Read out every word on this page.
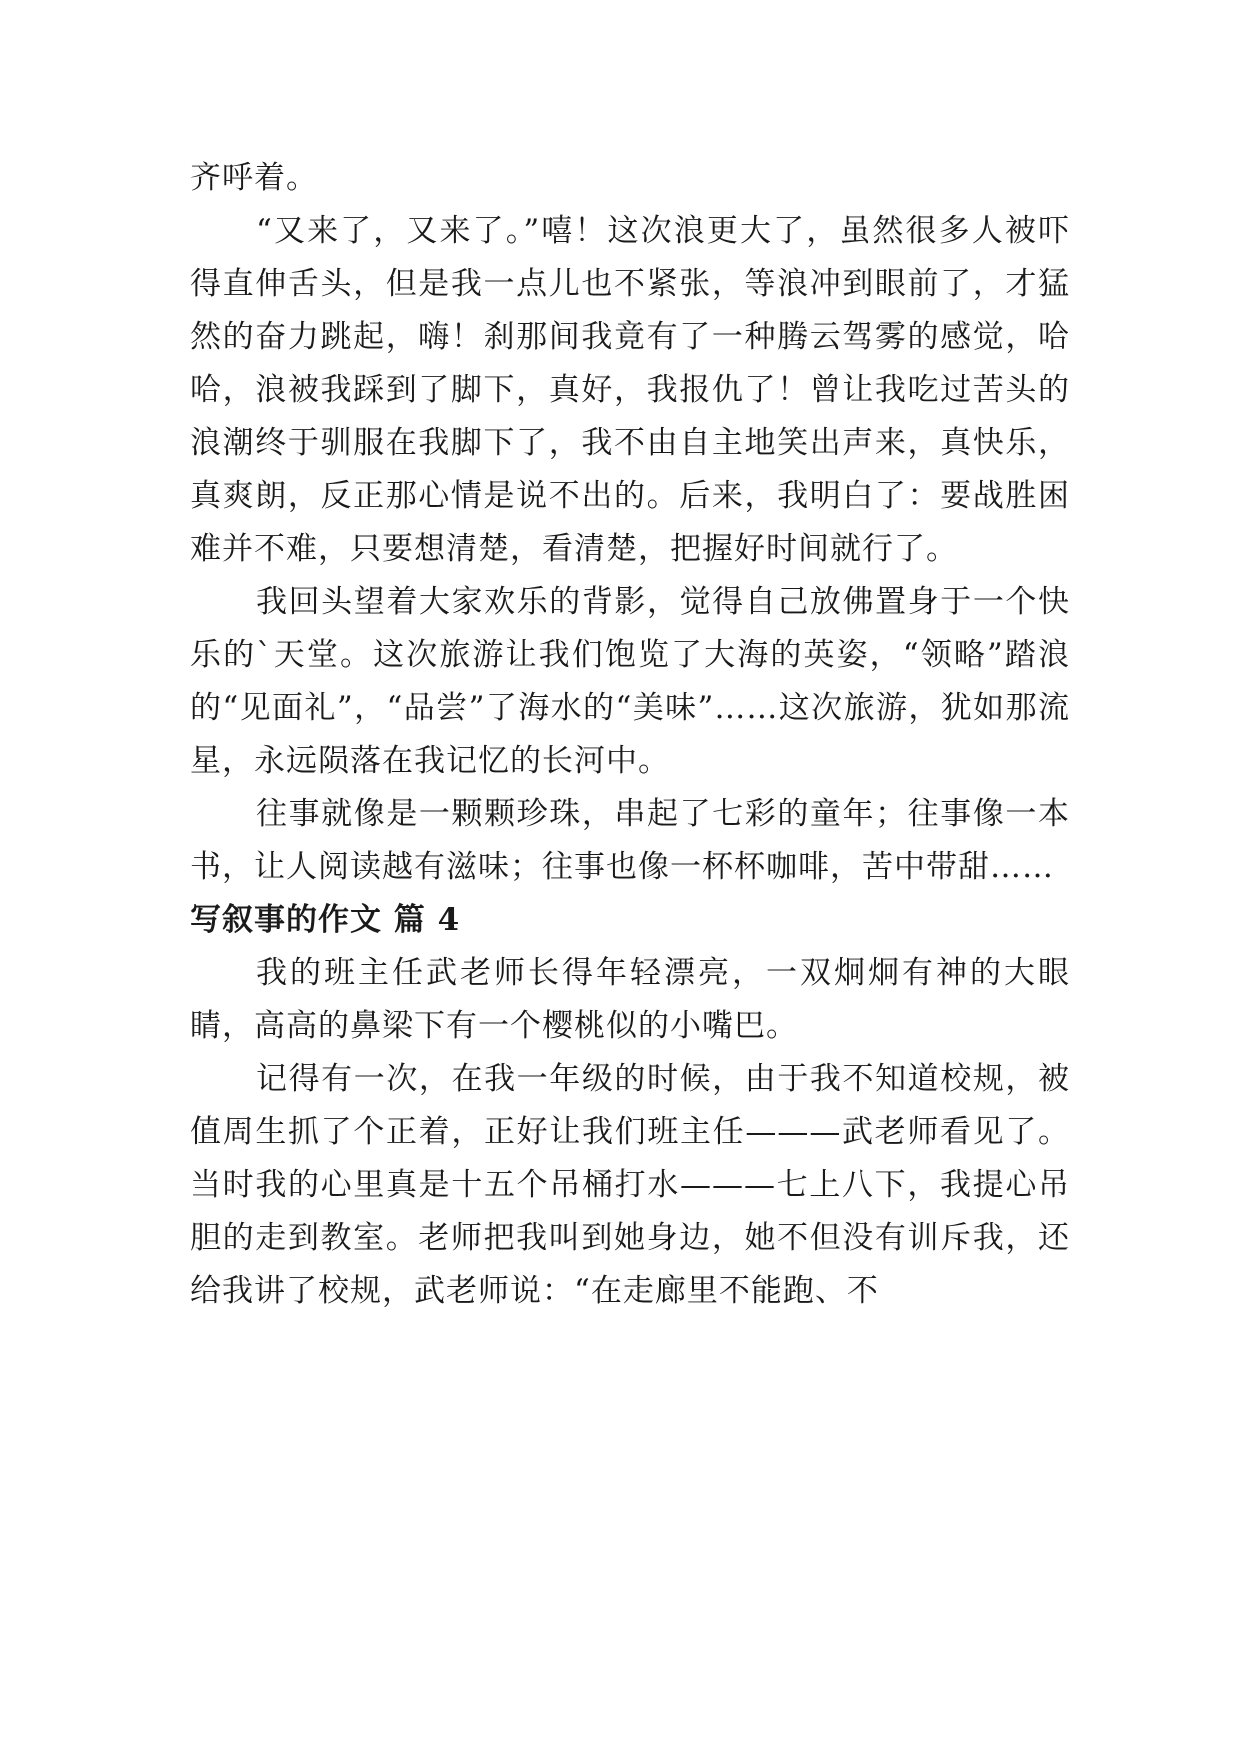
齐呼着。

“又来了，又来了。”嘻！这次浪更大了，虽然很多人被吓得直伸舌头，但是我一点儿也不紧张，等浪冲到眼前了，才猛然的奋力跳起，嗨！刹那间我竟有了一种腾云驾雾的感觉，哈哈，浪被我踩到了脚下，真好，我报仇了！曾让我吃过苦头的浪潮终于驯服在我脚下了，我不由自主地笑出声来，真快乐，真爽朗，反正那心情是说不出的。后来，我明白了：要战胜困难并不难，只要想清楚，看清楚，把握好时间就行了。

我回头望着大家欢乐的背影，觉得自己放佛置身于一个快乐的`天堂。这次旅游让我们饱览了大海的英姿，“领略”踏浪的“见面礼”，“品尝”了海水的“美味”……这次旅游，犹如那流星，永远陨落在我记忆的长河中。

往事就像是一颗颗珍珠，串起了七彩的童年；往事像一本书，让人阅读越有滋味；往事也像一杯杯咖啡，苦中带甜……

写叙事的作文 篇 4

我的班主任武老师长得年轻漂亮，一双炯炯有神的大眼睛，高高的鼻梁下有一个樱桃似的小嘴巴。

记得有一次，在我一年级的时候，由于我不知道校规，被值周生抓了个正着，正好让我们班主任———武老师看见了。当时我的心里真是十五个吊桶打水———七上八下，我提心吊胆的走到教室。老师把我叫到她身边，她不但没有训斥我，还给我讲了校规，武老师说：“在走廊里不能跑、不
